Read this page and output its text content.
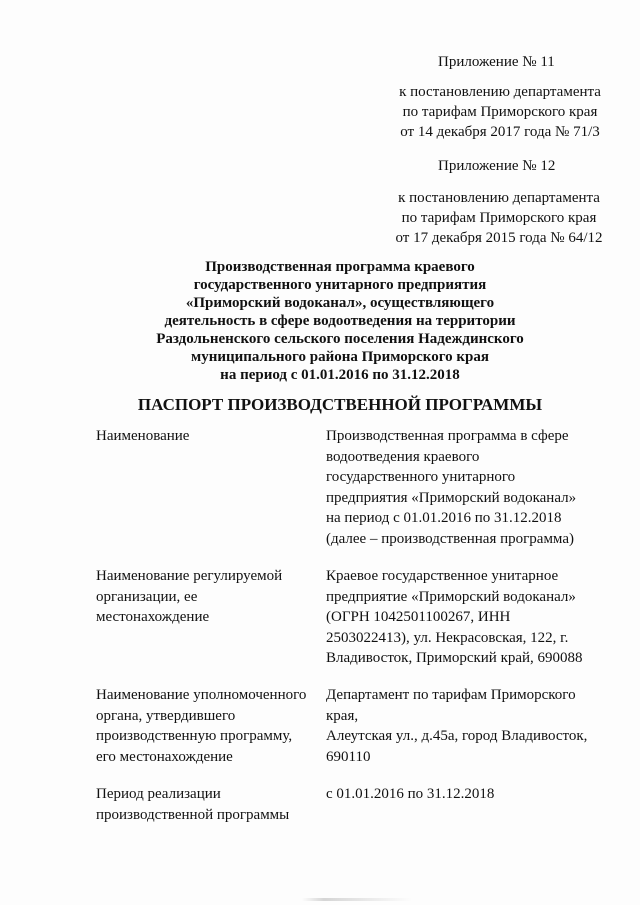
Приложение № 11
к постановлению департамента
по тарифам Приморского края
от 14 декабря 2017 года № 71/3
Приложение № 12
к постановлению департамента
по тарифам Приморского края
от 17 декабря 2015 года № 64/12
Производственная программа краевого
государственного унитарного предприятия
«Приморский водоканал», осуществляющего
деятельность в сфере водоотведения на территории
Раздольненского сельского поселения Надеждинского
муниципального района Приморского края
на период с 01.01.2016 по 31.12.2018
ПАСПОРТ ПРОИЗВОДСТВЕННОЙ ПРОГРАММЫ
Наименование	Производственная программа в сфере
водоотведения краевого
государственного унитарного
предприятия «Приморский водоканал»
на период с 01.01.2016 по 31.12.2018
(далее – производственная программа)
Наименование регулируемой
организации, ее
местонахождение
Краевое государственное унитарное
предприятие «Приморский водоканал»
(ОГРН 1042501100267, ИНН
2503022413), ул. Некрасовская, 122, г.
Владивосток, Приморский край, 690088
Наименование уполномоченного
органа, утвердившего
производственную программу,
его местонахождение
Департамент по тарифам Приморского
края,
Алеутская ул., д.45а, город Владивосток,
690110
Период реализации
производственной программы
с 01.01.2016 по 31.12.2018
